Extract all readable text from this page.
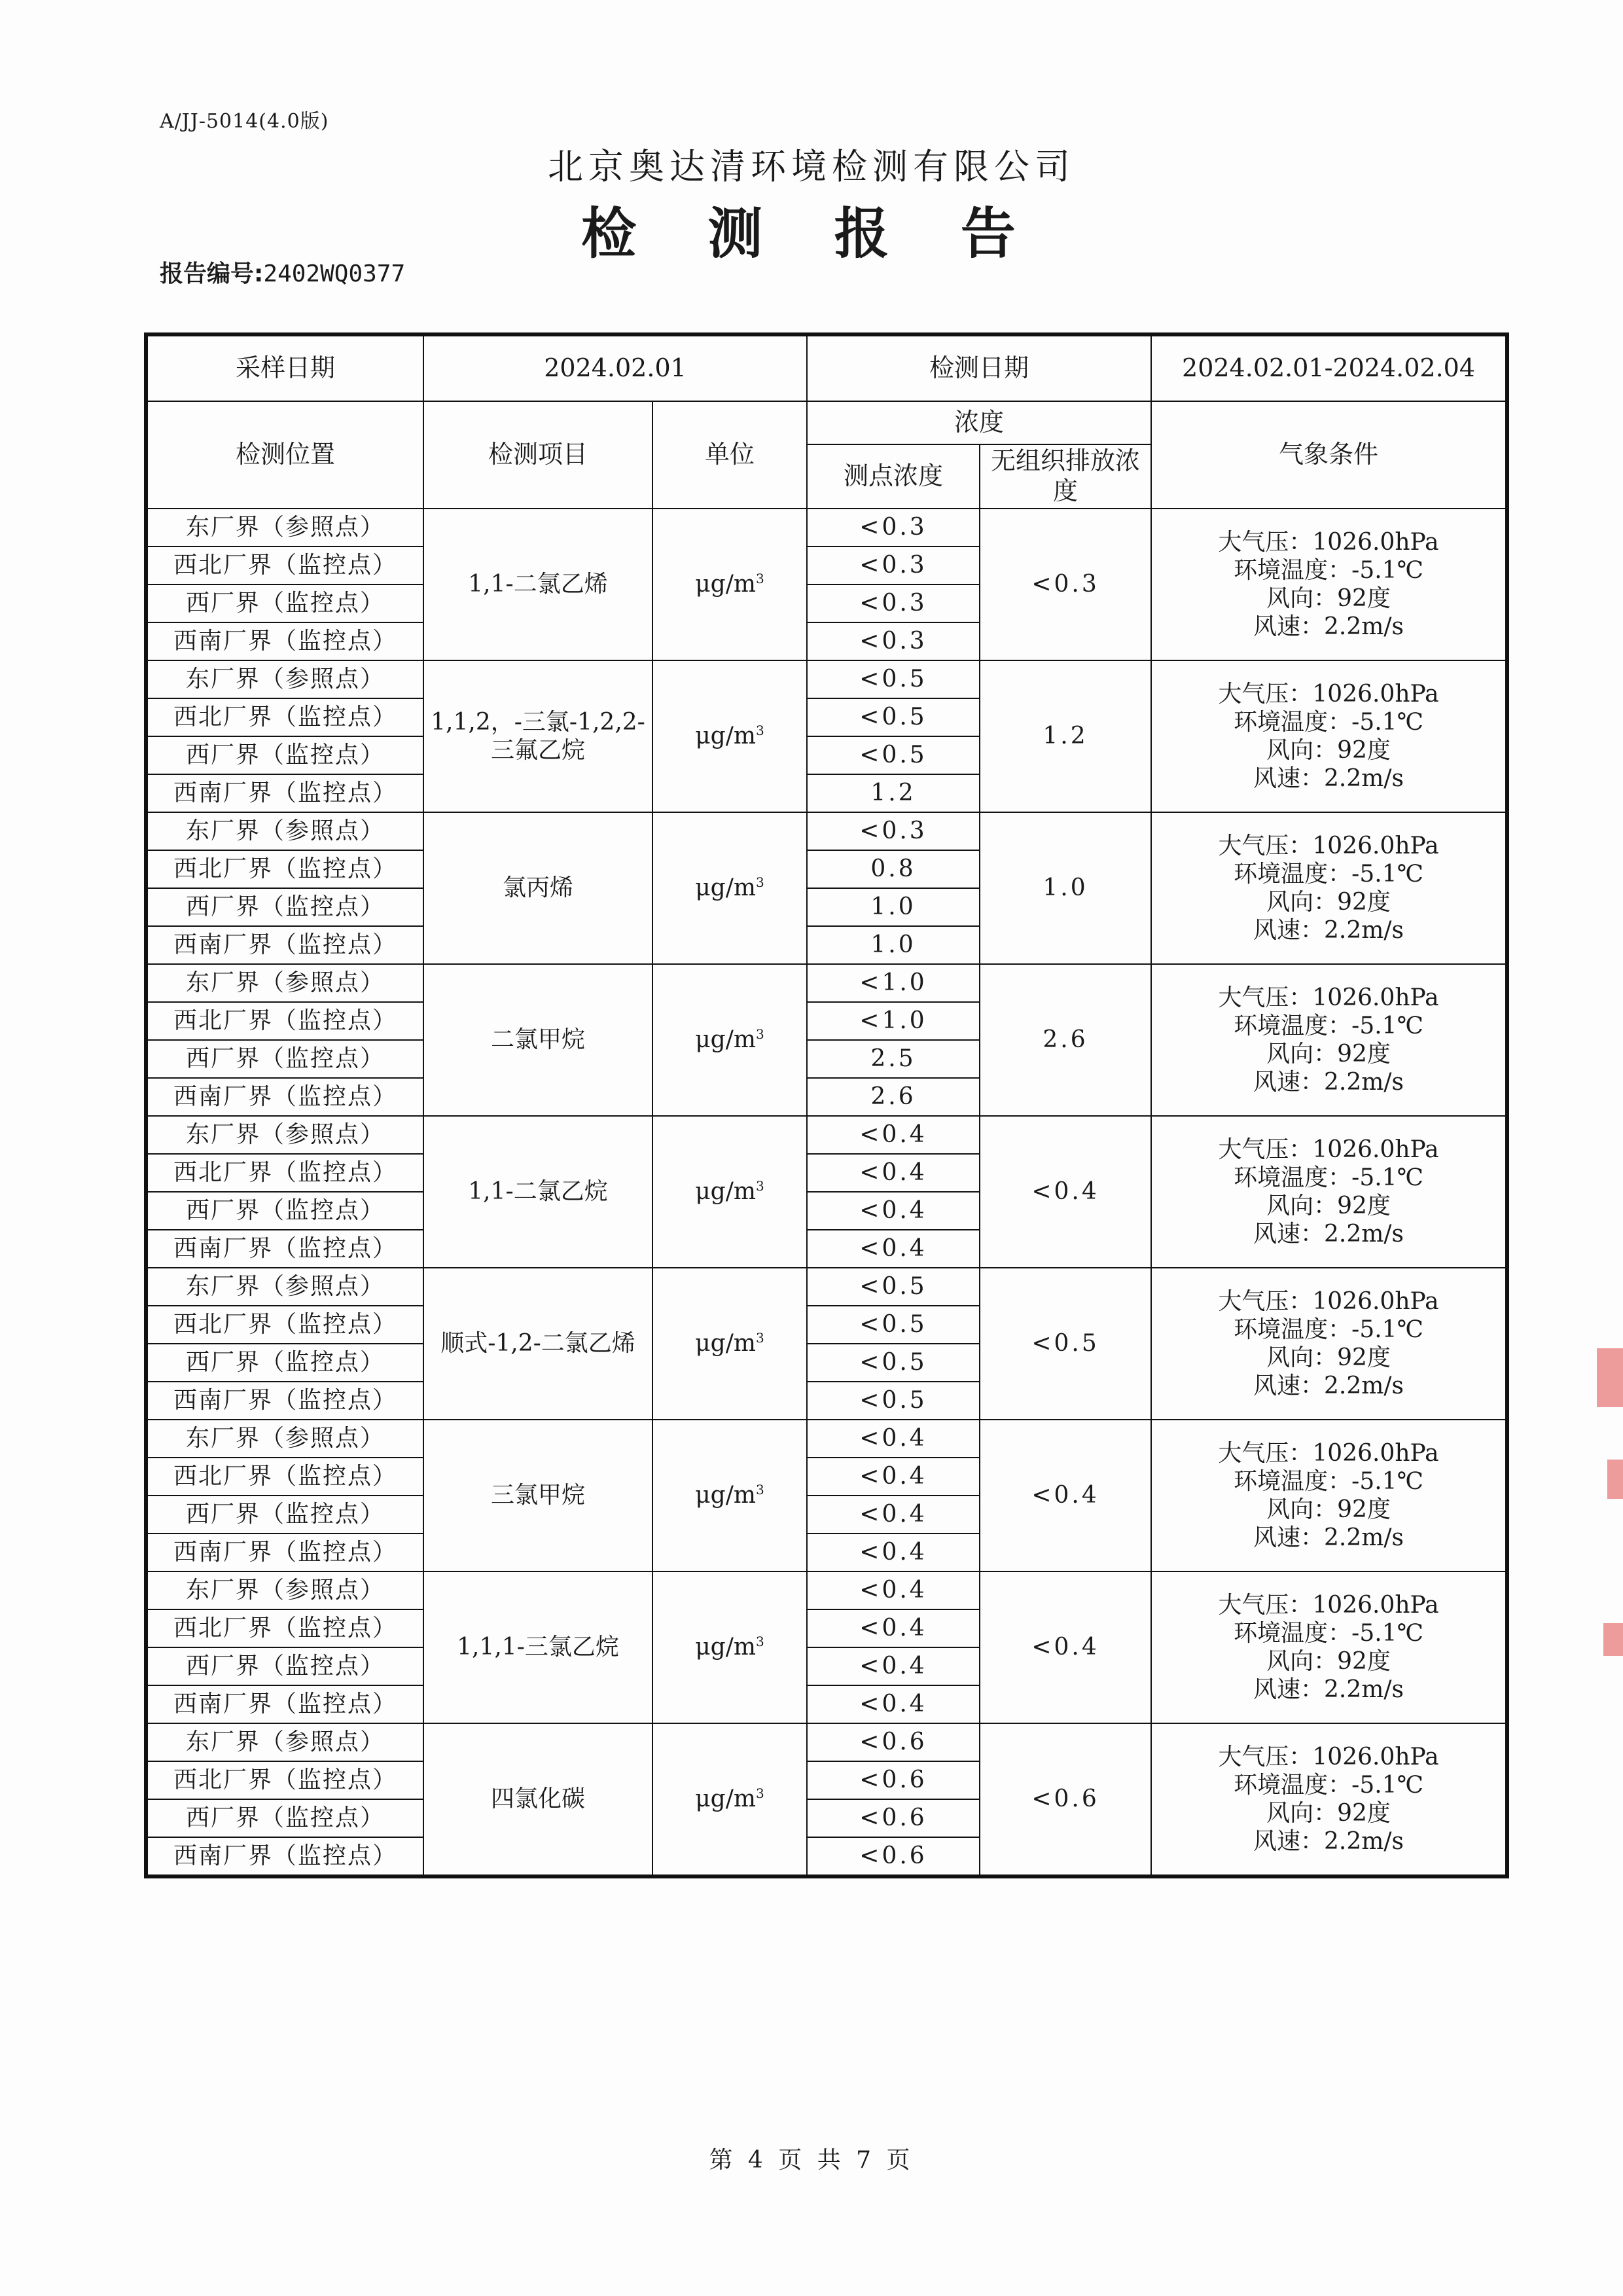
A/JJ-5014(4.0版)
北京奥达清环境检测有限公司
检 测 报 告
报告编号:2402WQ0377
采样日期	2024.02.01		检测日期		2024.02.01-2024.02.04
检测位置	检测项目	单位	浓度		气象条件
			测点浓度	无组织排放浓度	
东厂界（参照点）	1,1-二氯乙烯	$\mu g/m^3$	<0.3	<0.3	大气压：1026.0hPa
环境温度：-5.1℃
风向：92度
风速：2.2m/s

西北厂界（监控点）			<0.3		
西厂界（监控点）			<0.3		
西南厂界（监控点）			<0.3		
东厂界（参照点）	1,1,2，-三氯-1,2,2-三氟乙烷	$\mu g/m^3$	<0.5	1.2	大气压：1026.0hPa
环境温度：-5.1℃
风向：92度
风速：2.2m/s

西北厂界（监控点）			<0.5		
西厂界（监控点）			<0.5		
西南厂界（监控点）			1.2		
东厂界（参照点）	氯丙烯	$\mu g/m^3$	<0.3	1.0	大气压：1026.0hPa
环境温度：-5.1℃
风向：92度
风速：2.2m/s

西北厂界（监控点）			0.8		
西厂界（监控点）			1.0		
西南厂界（监控点）			1.0		
东厂界（参照点）	二氯甲烷	$\mu g/m^3$	<1.0	2.6	大气压：1026.0hPa
环境温度：-5.1℃
风向：92度
风速：2.2m/s

西北厂界（监控点）			<1.0		
西厂界（监控点）			2.5		
西南厂界（监控点）			2.6		
东厂界（参照点）	1,1-二氯乙烷	$\mu g/m^3$	<0.4	<0.4	大气压：1026.0hPa
环境温度：-5.1℃
风向：92度
风速：2.2m/s

西北厂界（监控点）			<0.4		
西厂界（监控点）			<0.4		
西南厂界（监控点）			<0.4		
东厂界（参照点）	顺式-1,2-二氯乙烯	$\mu g/m^3$	<0.5	<0.5	大气压：1026.0hPa
环境温度：-5.1℃
风向：92度
风速：2.2m/s

西北厂界（监控点）			<0.5		
西厂界（监控点）			<0.5		
西南厂界（监控点）			<0.5		
东厂界（参照点）	三氯甲烷	$\mu g/m^3$	<0.4	<0.4	大气压：1026.0hPa
环境温度：-5.1℃
风向：92度
风速：2.2m/s

西北厂界（监控点）			<0.4		
西厂界（监控点）			<0.4		
西南厂界（监控点）			<0.4		
东厂界（参照点）	1,1,1-三氯乙烷	$\mu g/m^3$	<0.4	<0.4	大气压：1026.0hPa
环境温度：-5.1℃
风向：92度
风速：2.2m/s

西北厂界（监控点）			<0.4		
西厂界（监控点）			<0.4		
西南厂界（监控点）			<0.4		
东厂界（参照点）	四氯化碳	$\mu g/m^3$	<0.6	<0.6	大气压：1026.0hPa
环境温度：-5.1℃
风向：92度
风速：2.2m/s

西北厂界（监控点）			<0.6		
西厂界（监控点）			<0.6		
西南厂界（监控点）			<0.6		
第 4 页 共 7 页
